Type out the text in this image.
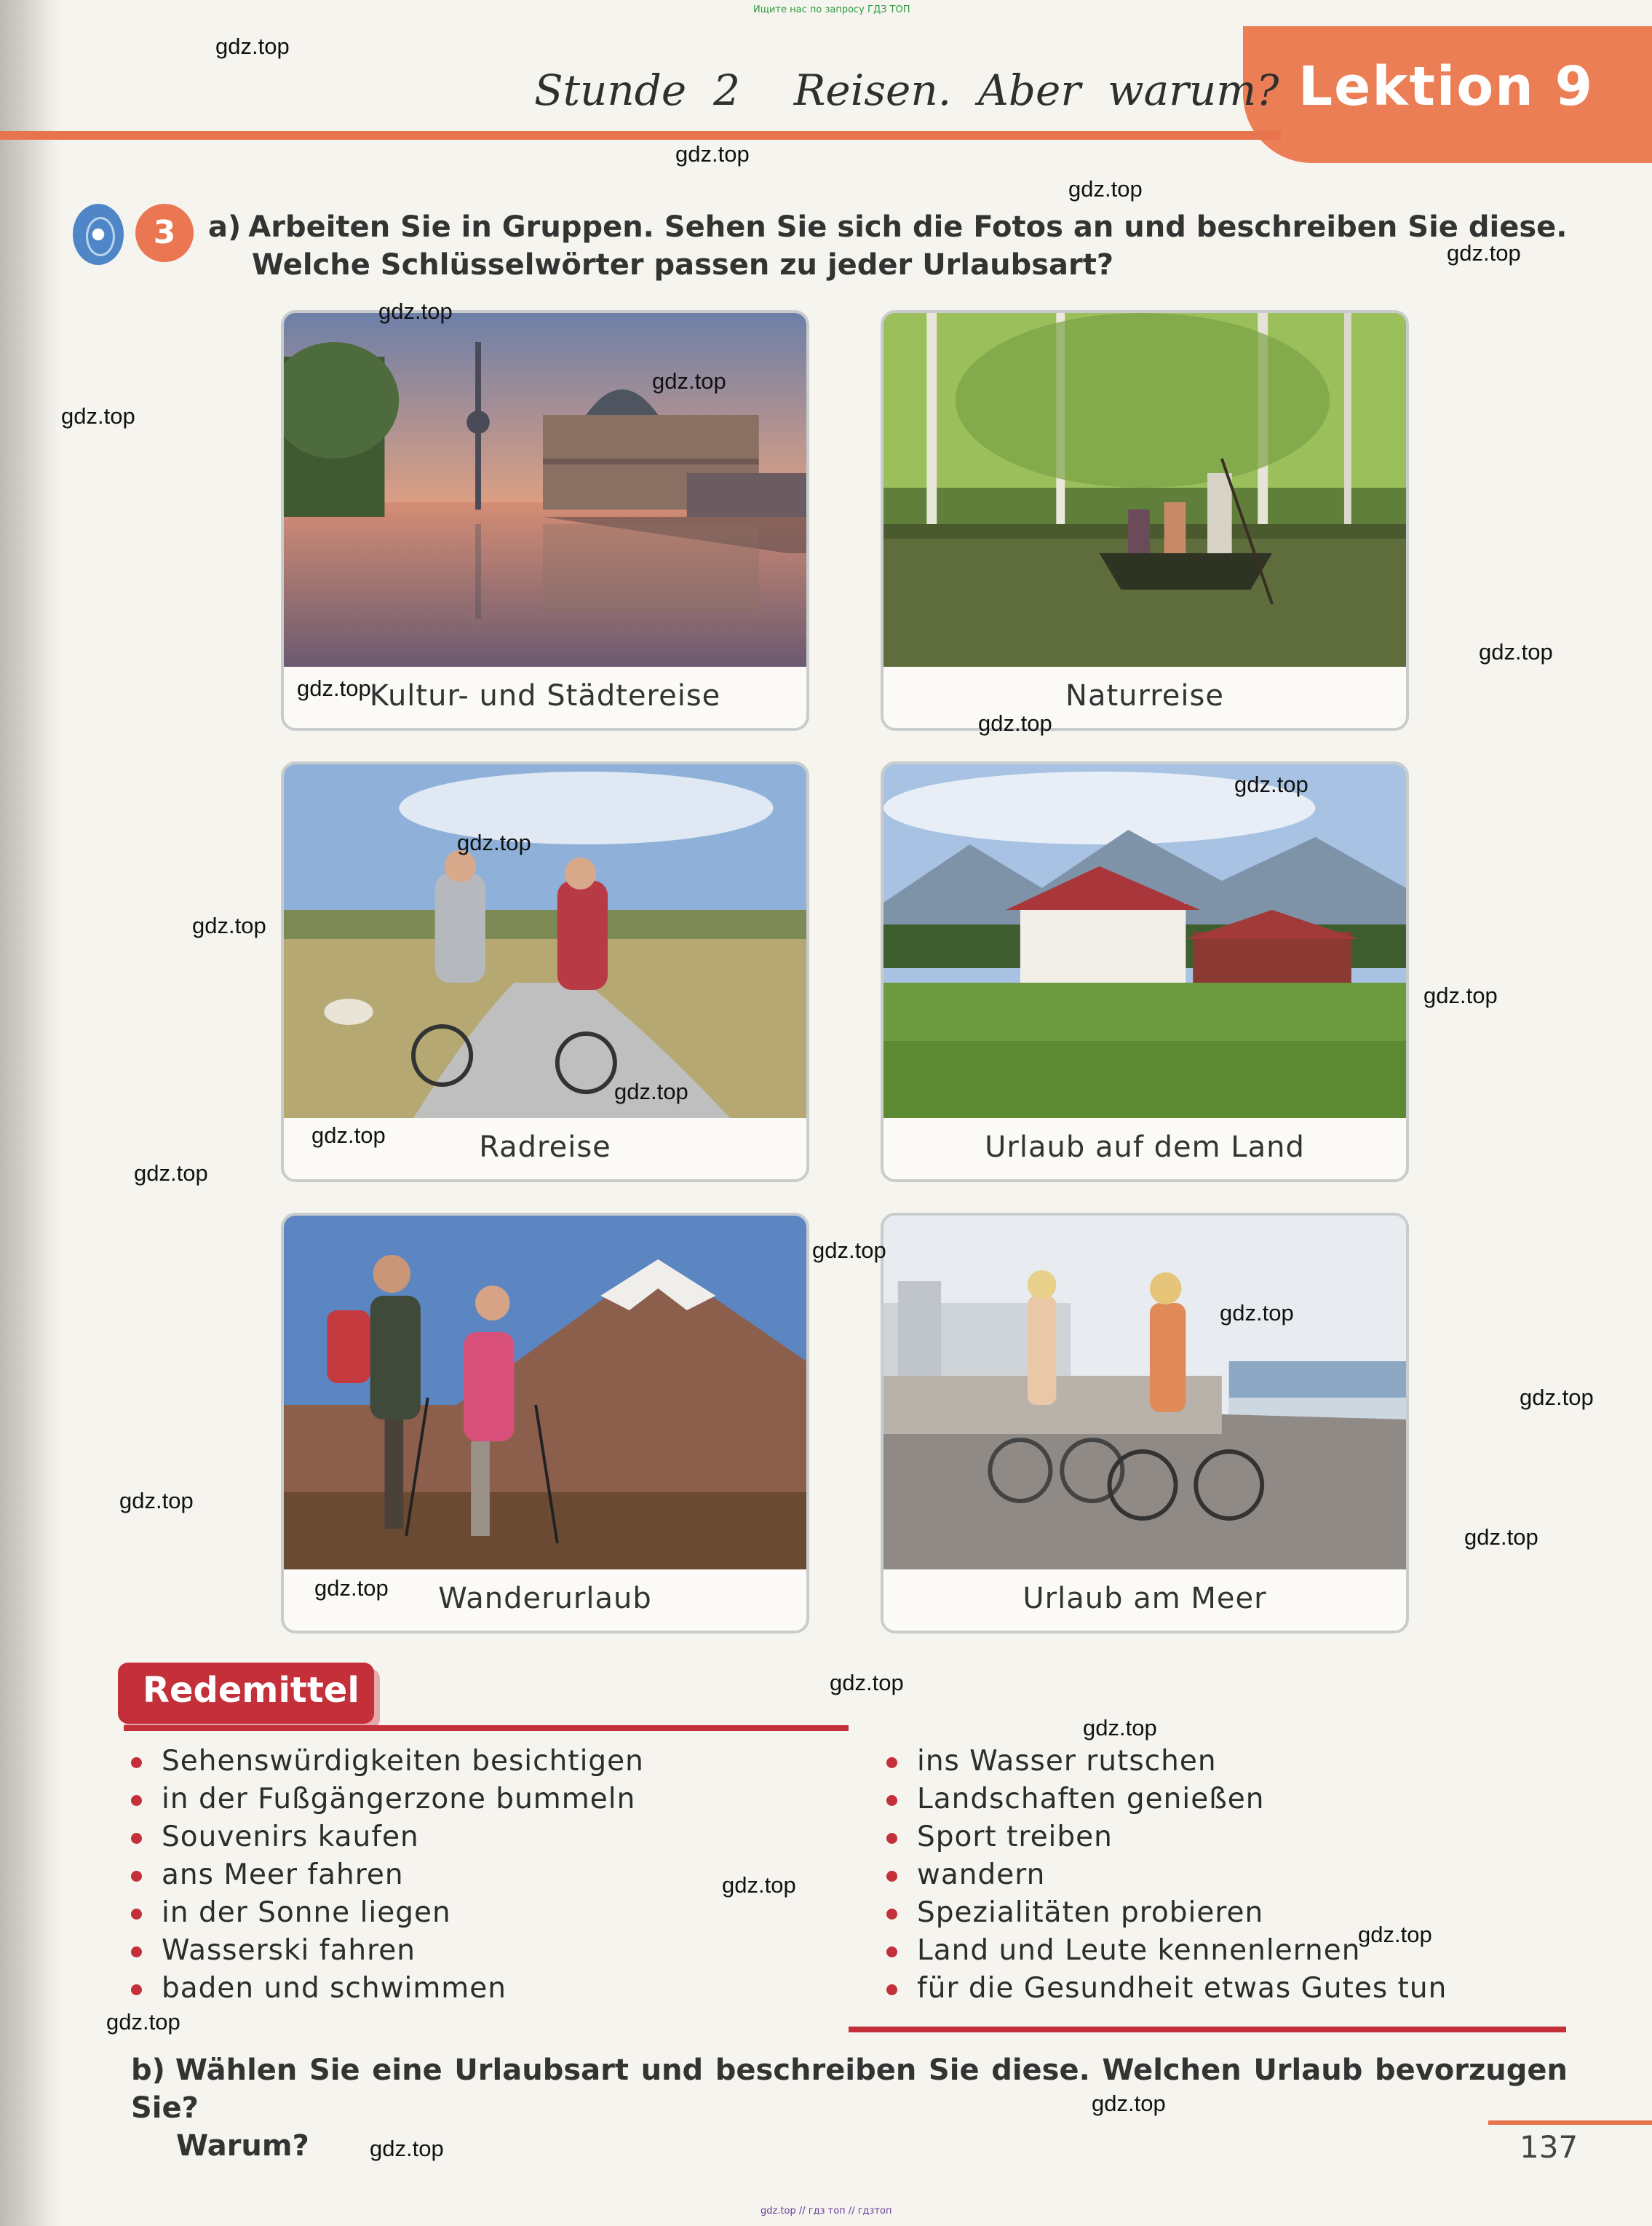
Ищите нас по запросу ГДЗ ТОП
Lektion 9
Stunde  2    Reisen.  Aber  warum?
3	a) Arbeiten Sie in Gruppen. Sehen Sie sich die Fotos an und beschreiben Sie diese.
Welche Schlüsselwörter passen zu jeder Urlaubsart?
Kultur- und Städtereise	Naturreise
Radreise	Urlaub auf dem Land
Wanderurlaub	Urlaub am Meer
Redemittel
Sehenswürdigkeiten besichtigen
in der Fußgängerzone bummeln
Souvenirs kaufen
ans Meer fahren
in der Sonne liegen
Wasserski fahren
baden und schwimmen
ins Wasser rutschen
Landschaften genießen
Sport treiben
wandern
Spezialitäten probieren
Land und Leute kennenlernen
für die Gesundheit etwas Gutes tun
b) Wählen Sie eine Urlaubsart und beschreiben Sie diese. Welchen Urlaub bevorzugen Sie?
Warum?	137
gdz.top // гдз топ // гдзтоп
gdz.top
gdz.top
gdz.top
gdz.top
gdz.top
gdz.top
gdz.top
gdz.top
gdz.top
gdz.top
gdz.top
gdz.top
gdz.top
gdz.top
gdz.top
gdz.top
gdz.top
gdz.top
gdz.top
gdz.top
gdz.top
gdz.top
gdz.top
gdz.top
gdz.top
gdz.top
gdz.top
gdz.top
gdz.top
gdz.top
